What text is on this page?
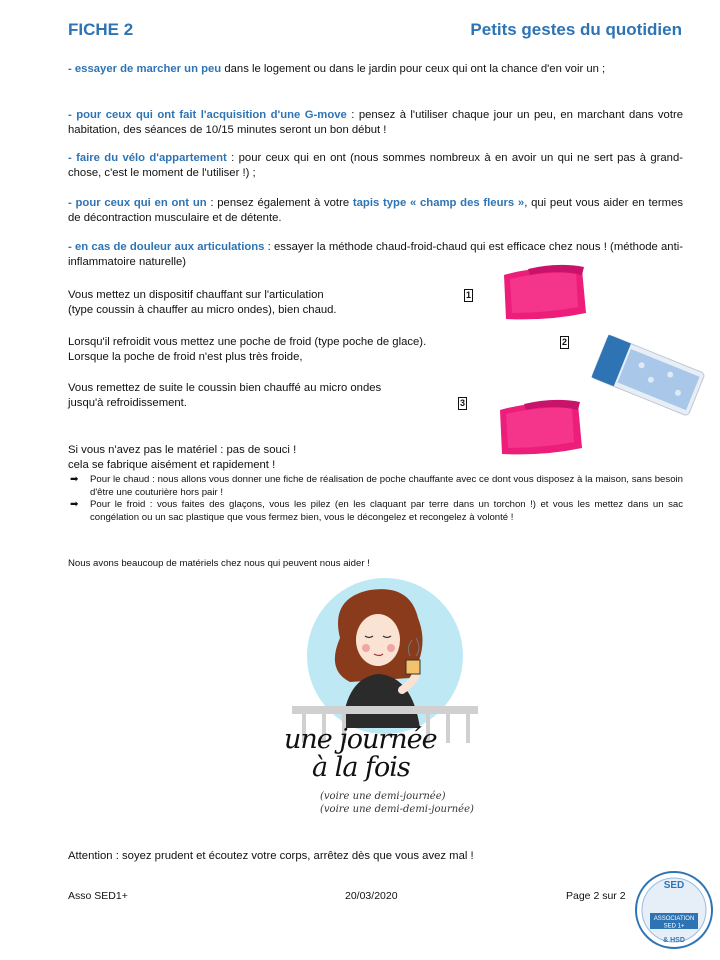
FICHE 2	Petits gestes du quotidien
- essayer de marcher un peu dans le logement ou dans le jardin pour ceux qui ont la chance d'en voir un ;
- pour ceux qui ont fait l'acquisition d'une G-move : pensez à l'utiliser chaque jour un peu, en marchant dans votre habitation, des séances de 10/15 minutes seront un bon début !
- faire du vélo d'appartement : pour ceux qui en ont (nous sommes nombreux à en avoir un qui ne sert pas à grand-chose, c'est le moment de l'utiliser !) ;
- pour ceux qui en ont un : pensez également à votre tapis type « champ des fleurs », qui peut vous aider en termes de décontraction musculaire et de détente.
- en cas de douleur aux articulations : essayer la méthode chaud-froid-chaud qui est efficace chez nous ! (méthode anti-inflammatoire naturelle)
Vous mettez un dispositif chauffant sur l'articulation
(type coussin à chauffer au micro ondes), bien chaud.
1
Lorsqu'il refroidit vous mettez une poche de froid (type poche de glace).
Lorsque la poche de froid n'est plus très froide,
2
Vous remettez de suite le coussin bien chauffé au micro ondes
jusqu'à refroidissement.	3
Si vous n'avez pas le matériel : pas de souci !
cela se fabrique aisément et rapidement !
➡ Pour le chaud : nous allons vous donner une fiche de réalisation de poche chauffante avec ce dont vous disposez à la maison, sans besoin d'être une couturière hors pair !
➡ Pour le froid : vous faites des glaçons, vous les pilez (en les claquant par terre dans un torchon !) et vous les mettez dans un sac congélation ou un sac plastique que vous fermez bien, vous le décongelez et recongelez à volonté !
Nous avons beaucoup de matériels chez nous qui peuvent nous aider !
une journée
à la fois
(voire une demi-journée)
(voire une demi-demi-journée)
Attention : soyez prudent et écoutez votre corps, arrêtez dès que vous avez mal !
Asso SED1+	20/03/2020	Page 2 sur 2
SED
ASSOCIATION
SED 1+
& HSD
